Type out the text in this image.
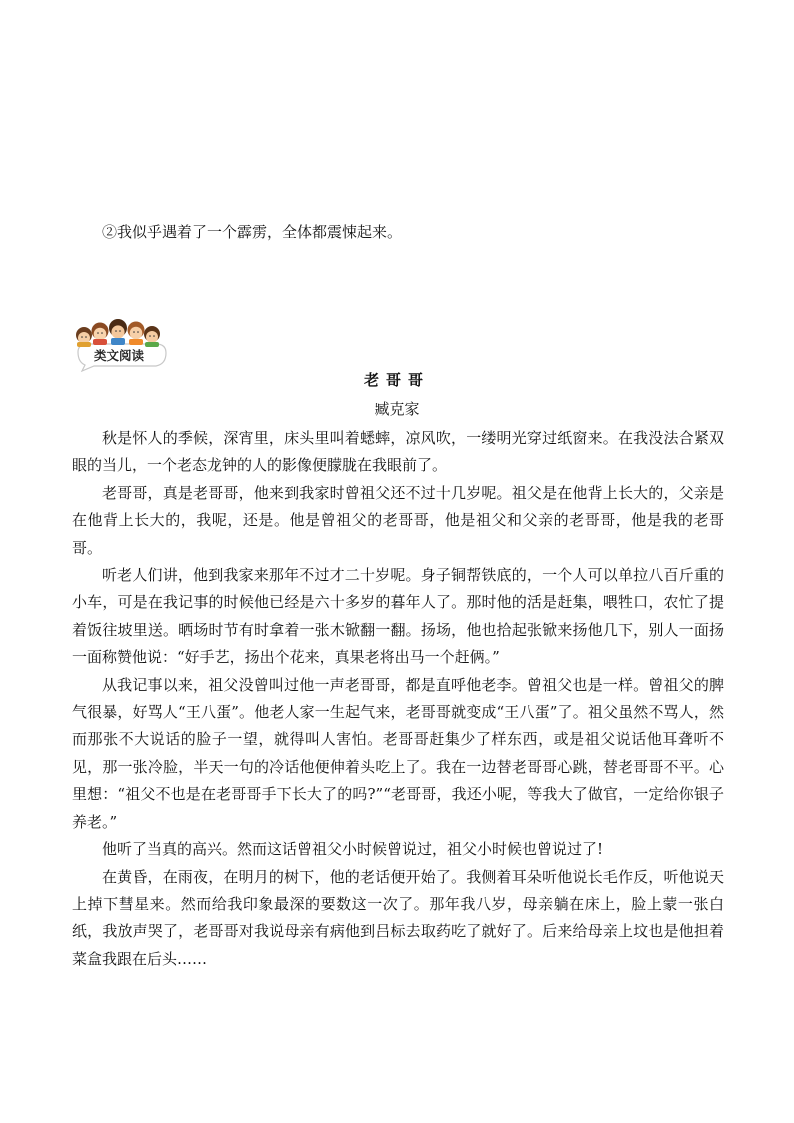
②我似乎遇着了一个霹雳，全体都震悚起来。
类文阅读
老哥哥
臧克家

秋是怀人的季候，深宵里，床头里叫着蟋蟀，凉风吹，一缕明光穿过纸窗来。在我没法合紧双眼的当儿，一个老态龙钟的人的影像便朦胧在我眼前了。

老哥哥，真是老哥哥，他来到我家时曾祖父还不过十几岁呢。祖父是在他背上长大的，父亲是在他背上长大的，我呢，还是。他是曾祖父的老哥哥，他是祖父和父亲的老哥哥，他是我的老哥哥。

听老人们讲，他到我家来那年不过才二十岁呢。身子铜帮铁底的，一个人可以单拉八百斤重的小车，可是在我记事的时候他已经是六十多岁的暮年人了。那时他的活是赶集，喂牲口，农忙了提着饭往坡里送。晒场时节有时拿着一张木锨翻一翻。扬场，他也拾起张锨来扬他几下，别人一面扬一面称赞他说：“好手艺，扬出个花来，真果老将出马一个赶俩。”

从我记事以来，祖父没曾叫过他一声老哥哥，都是直呼他老李。曾祖父也是一样。曾祖父的脾气很暴，好骂人“王八蛋”。他老人家一生起气来，老哥哥就变成“王八蛋”了。祖父虽然不骂人，然而那张不大说话的脸子一望，就得叫人害怕。老哥哥赶集少了样东西，或是祖父说话他耳聋听不见，那一张冷脸，半天一句的冷话他便伸着头吃上了。我在一边替老哥哥心跳，替老哥哥不平。心里想：“祖父不也是在老哥哥手下长大了的吗?”“老哥哥，我还小呢，等我大了做官，一定给你银子养老。”

他听了当真的高兴。然而这话曾祖父小时候曾说过，祖父小时候也曾说过了!

在黄昏，在雨夜，在明月的树下，他的老话便开始了。我侧着耳朵听他说长毛作反，听他说天上掉下彗星来。然而给我印象最深的要数这一次了。那年我八岁，母亲躺在床上，脸上蒙一张白纸，我放声哭了，老哥哥对我说母亲有病他到吕标去取药吃了就好了。后来给母亲上坟也是他担着菜盒我跟在后头……
